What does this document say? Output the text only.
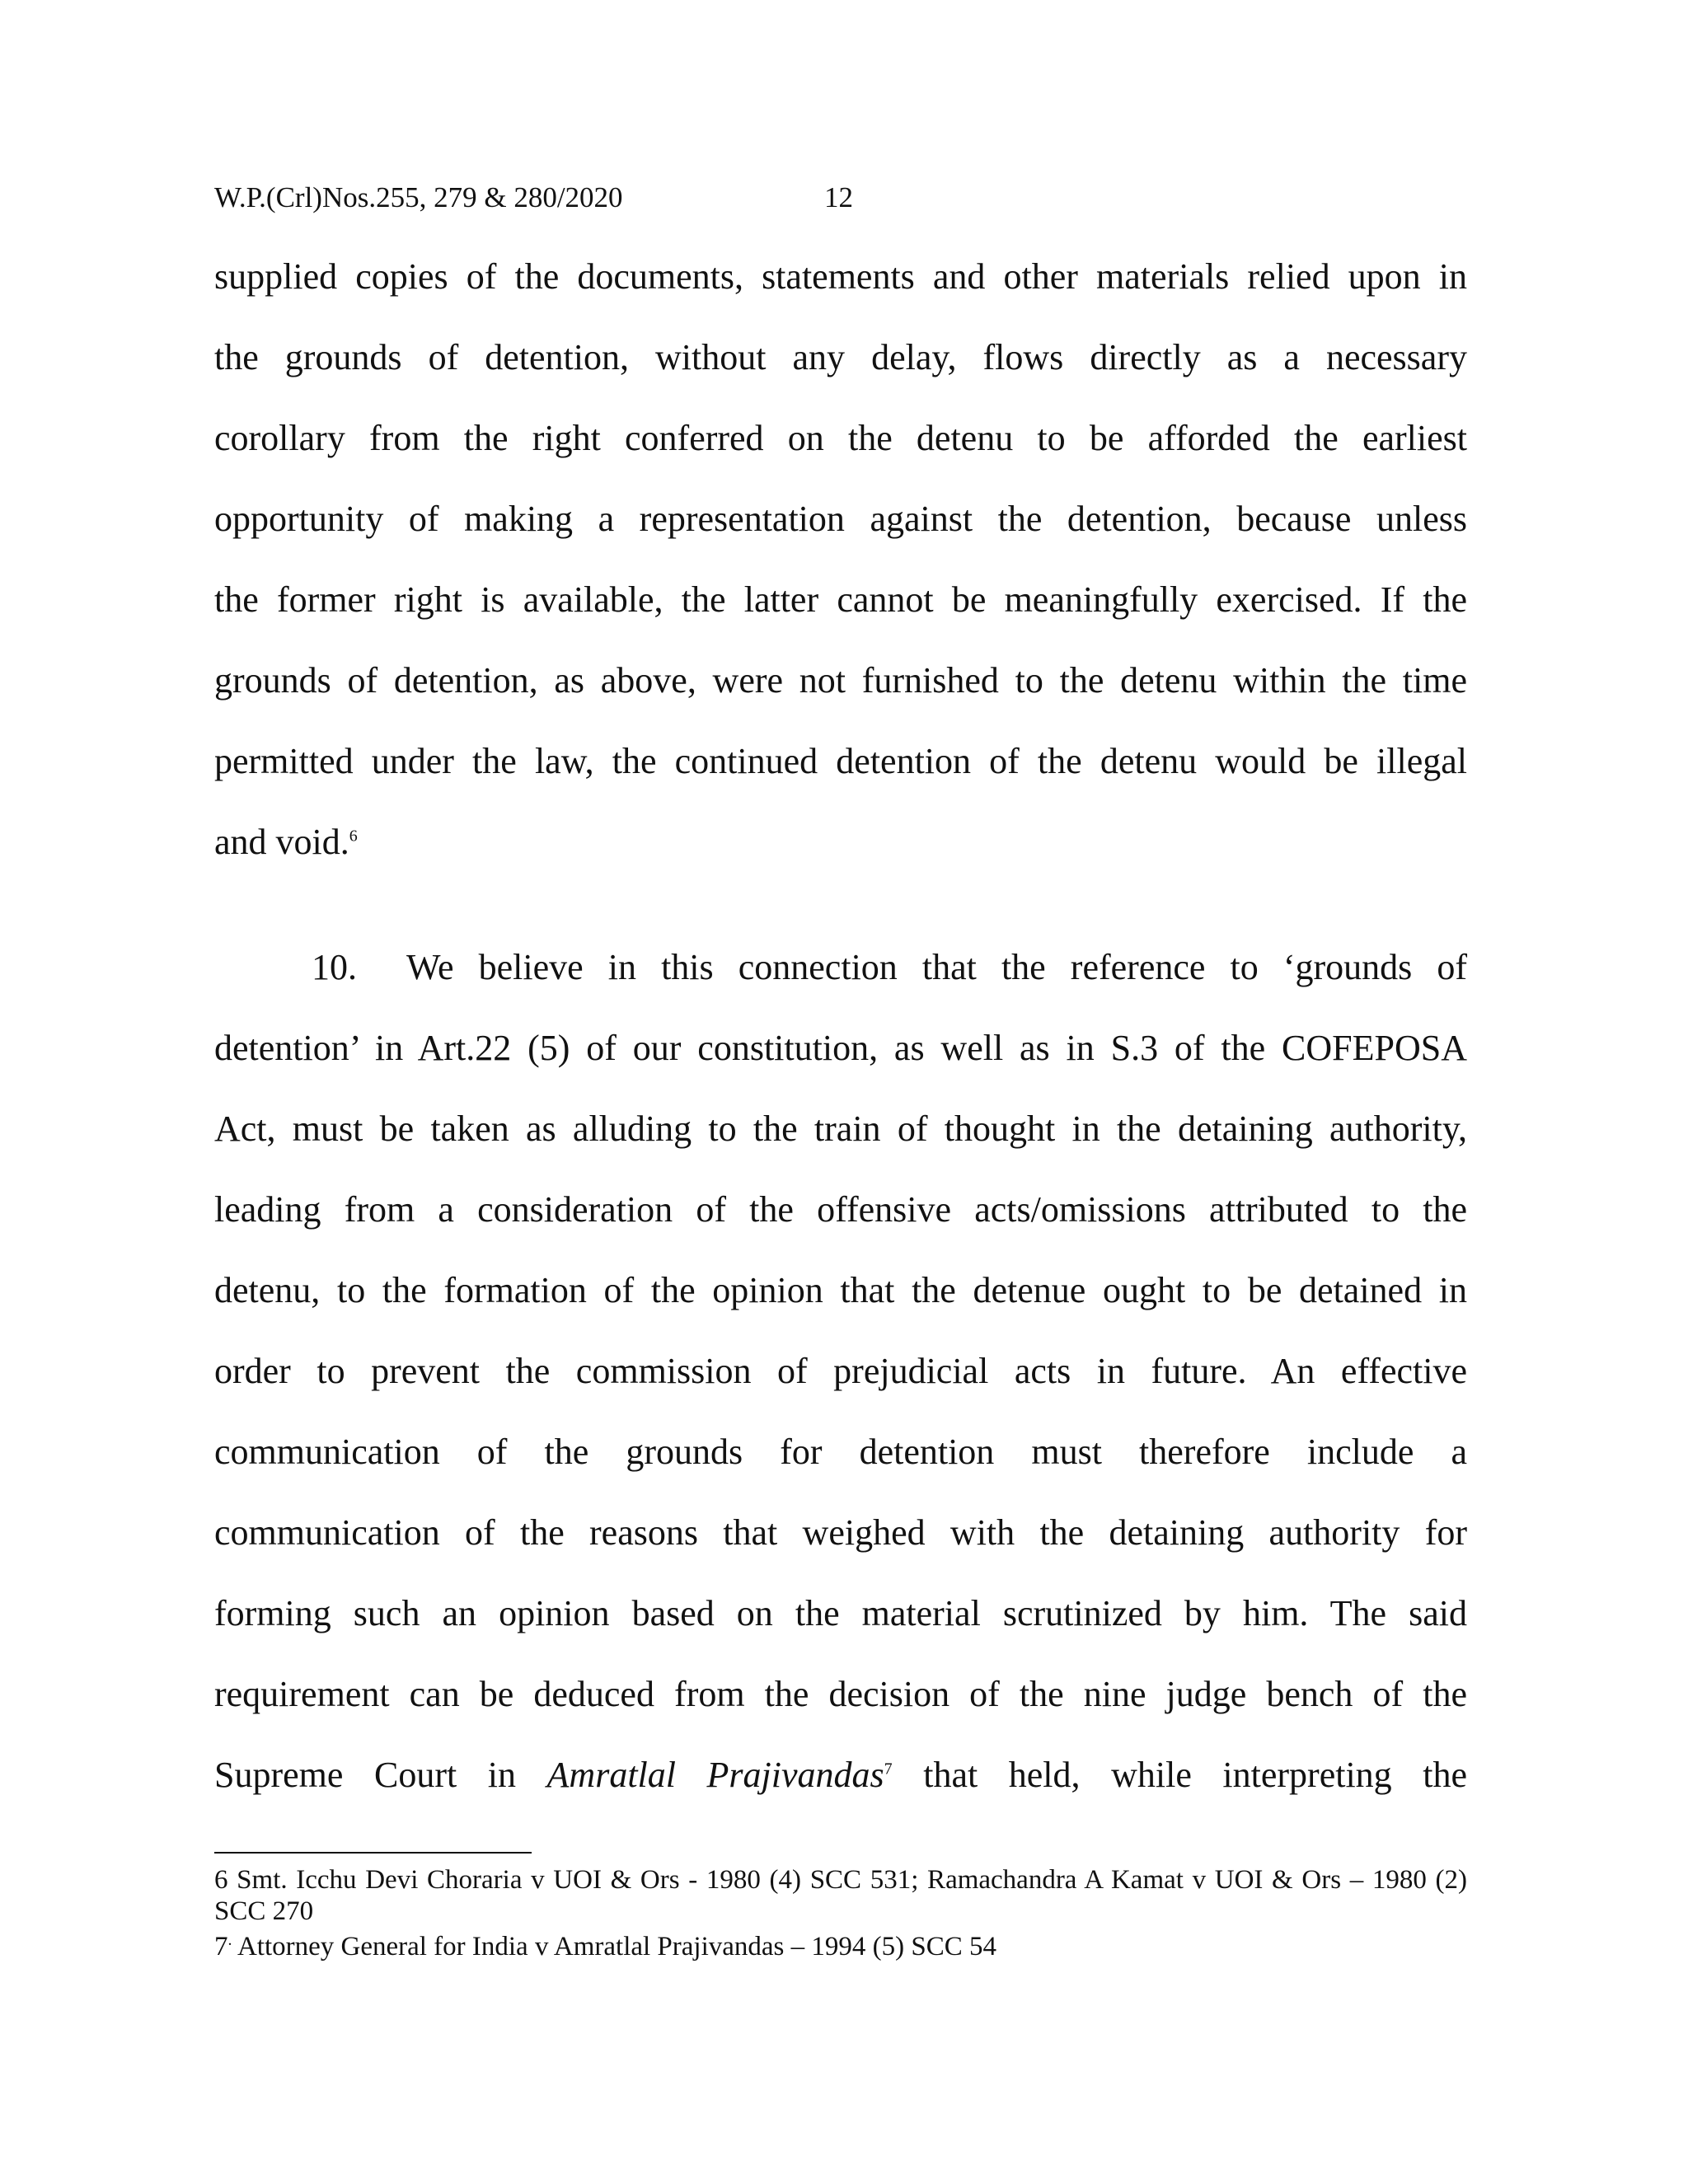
W.P.(Crl)Nos.255, 279 & 280/2020	12
supplied copies of the documents, statements and other materials relied upon in
the grounds of detention, without any delay, flows directly as a necessary
corollary from the right conferred on the detenu to be afforded the earliest
opportunity of making a representation against the detention, because unless
the former right is available, the latter cannot be meaningfully exercised. If the
grounds of detention, as above, were not furnished to the detenu within the time
permitted under the law, the continued detention of the detenu would be illegal
and void.$^6$
10. We believe in this connection that the reference to ‘grounds of
detention’ in Art.22 (5) of our constitution, as well as in S.3 of the COFEPOSA
Act, must be taken as alluding to the train of thought in the detaining authority,
leading from a consideration of the offensive acts/omissions attributed to the
detenu, to the formation of the opinion that the detenue ought to be detained in
order to prevent the commission of prejudicial acts in future. An effective
communication of the grounds for detention must therefore include a
communication of the reasons that weighed with the detaining authority for
forming such an opinion based on the material scrutinized by him. The said
requirement can be deduced from the decision of the nine judge bench of the
Supreme Court in Amratlal Prajivandas$^7$ that held, while interpreting the
6 Smt. Icchu Devi Choraria v UOI & Ors - 1980 (4) SCC 531; Ramachandra A Kamat v UOI & Ors – 1980 (2) SCC 270
7. Attorney General for India v Amratlal Prajivandas – 1994 (5) SCC 54
